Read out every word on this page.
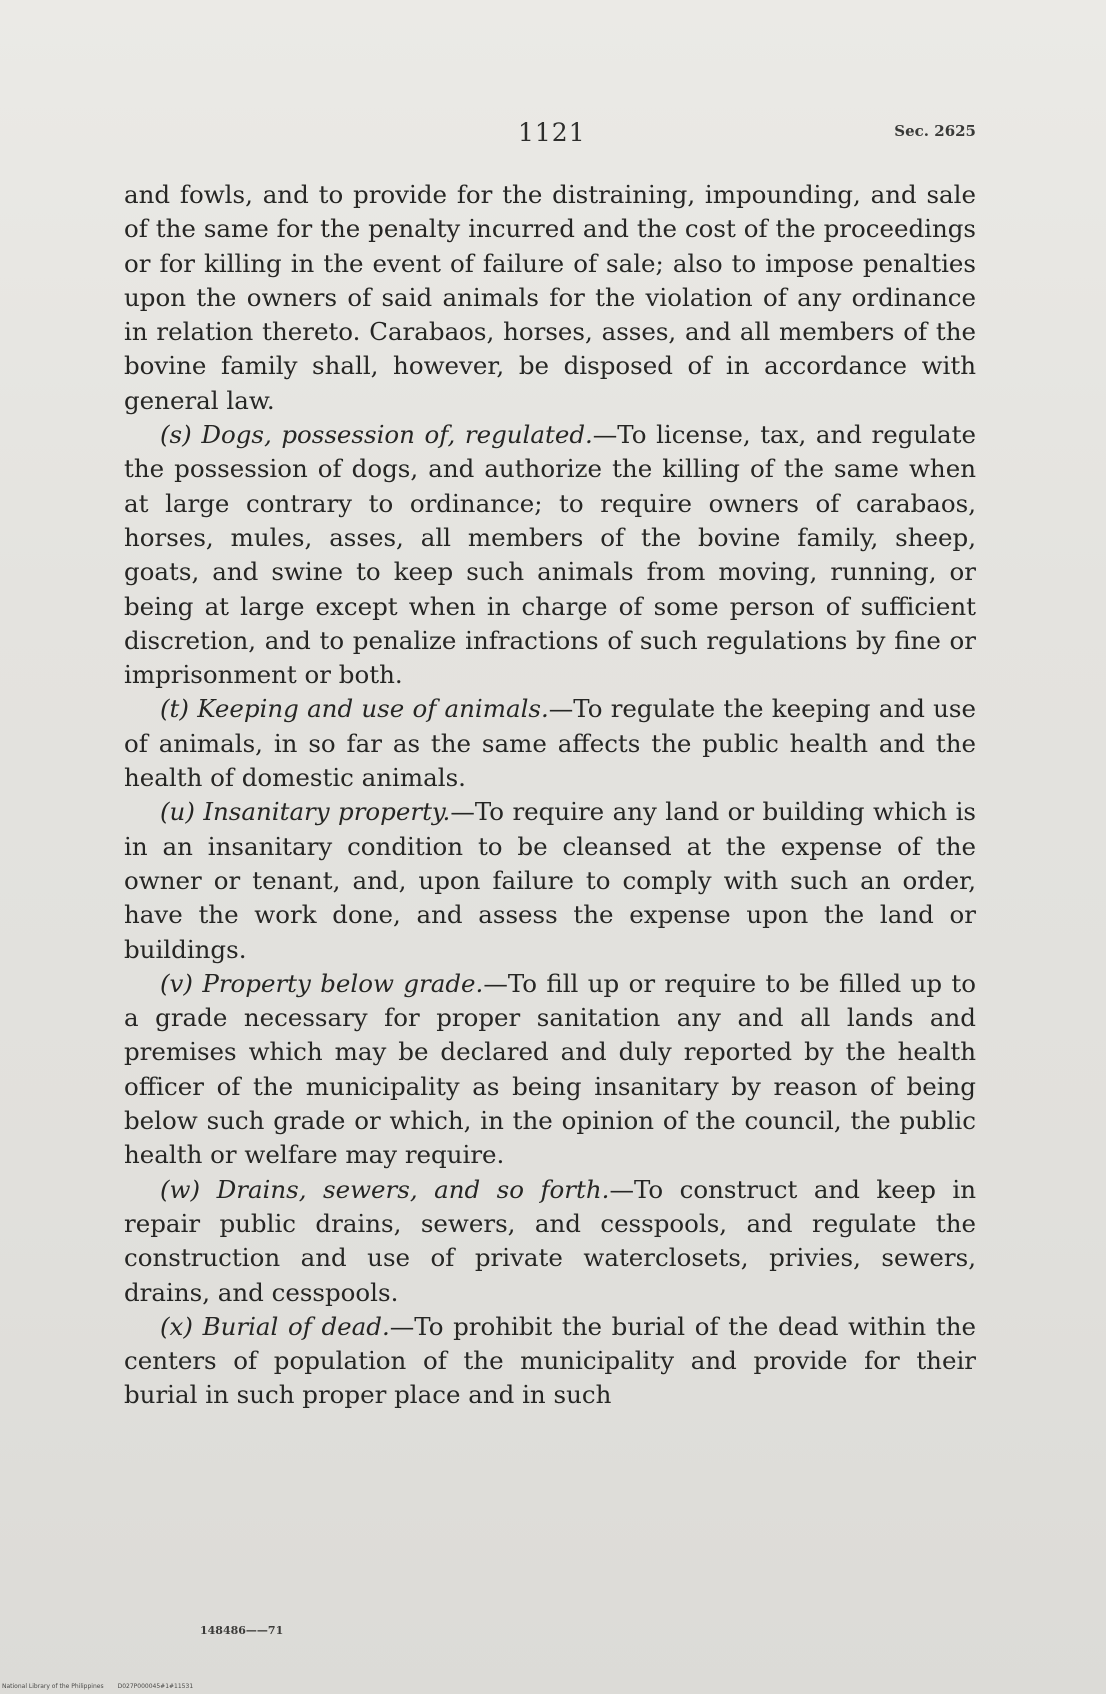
1121	Sec. 2625

and fowls, and to provide for the distraining, impounding, and sale of the same for the penalty incurred and the cost of the proceedings or for killing in the event of failure of sale; also to impose penalties upon the owners of said animals for the violation of any ordinance in relation thereto. Carabaos, horses, asses, and all members of the bovine family shall, however, be disposed of in accordance with general law.

(s) Dogs, possession of, regulated.—To license, tax, and regulate the possession of dogs, and authorize the killing of the same when at large contrary to ordinance; to require owners of carabaos, horses, mules, asses, all members of the bovine family, sheep, goats, and swine to keep such animals from moving, running, or being at large except when in charge of some person of sufficient discretion, and to penalize infractions of such regulations by fine or imprisonment or both.

(t) Keeping and use of animals.—To regulate the keeping and use of animals, in so far as the same affects the public health and the health of domestic animals.

(u) Insanitary property.—To require any land or building which is in an insanitary condition to be cleansed at the expense of the owner or tenant, and, upon failure to comply with such an order, have the work done, and assess the expense upon the land or buildings.

(v) Property below grade.—To fill up or require to be filled up to a grade necessary for proper sanitation any and all lands and premises which may be declared and duly reported by the health officer of the municipality as being insanitary by reason of being below such grade or which, in the opinion of the council, the public health or welfare may require.

(w) Drains, sewers, and so forth.—To construct and keep in repair public drains, sewers, and cesspools, and regulate the construction and use of private waterclosets, privies, sewers, drains, and cesspools.

(x) Burial of dead.—To prohibit the burial of the dead within the centers of population of the municipality and provide for their burial in such proper place and in such

148486——71
National Library of the Philippines D027P000045#1#11531
